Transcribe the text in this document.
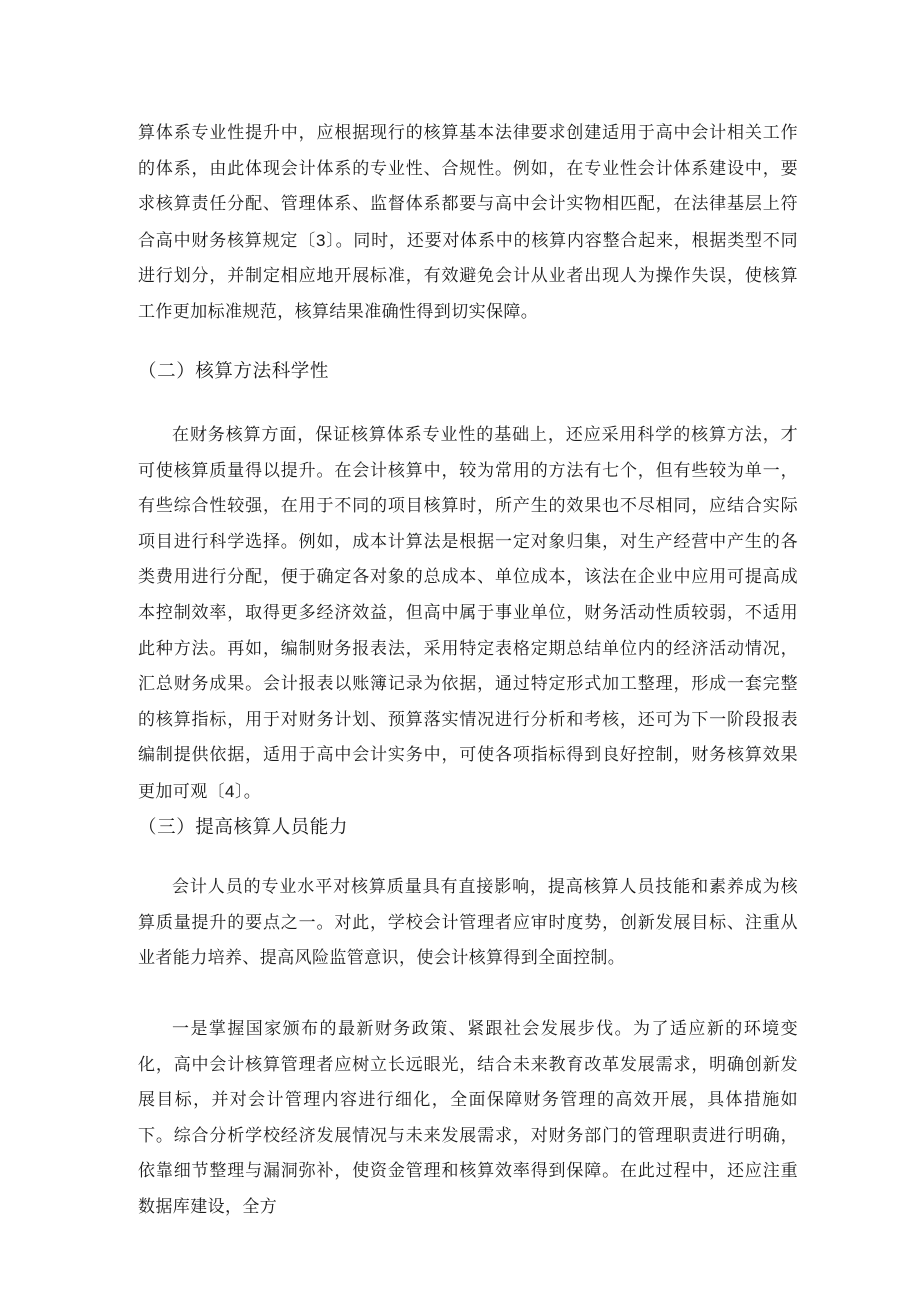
算体系专业性提升中，应根据现行的核算基本法律要求创建适用于高中会计相关工作的体系，由此体现会计体系的专业性、合规性。例如，在专业性会计体系建设中，要求核算责任分配、管理体系、监督体系都要与高中会计实物相匹配，在法律基层上符合高中财务核算规定〔3〕。同时，还要对体系中的核算内容整合起来，根据类型不同进行划分，并制定相应地开展标准，有效避免会计从业者出现人为操作失误，使核算工作更加标准规范，核算结果准确性得到切实保障。

（二）核算方法科学性

在财务核算方面，保证核算体系专业性的基础上，还应采用科学的核算方法，才可使核算质量得以提升。在会计核算中，较为常用的方法有七个，但有些较为单一，有些综合性较强，在用于不同的项目核算时，所产生的效果也不尽相同，应结合实际项目进行科学选择。例如，成本计算法是根据一定对象归集，对生产经营中产生的各类费用进行分配，便于确定各对象的总成本、单位成本，该法在企业中应用可提高成本控制效率，取得更多经济效益，但高中属于事业单位，财务活动性质较弱，不适用此种方法。再如，编制财务报表法，采用特定表格定期总结单位内的经济活动情况，汇总财务成果。会计报表以账簿记录为依据，通过特定形式加工整理，形成一套完整的核算指标，用于对财务计划、预算落实情况进行分析和考核，还可为下一阶段报表编制提供依据，适用于高中会计实务中，可使各项指标得到良好控制，财务核算效果更加可观〔4〕。

（三）提高核算人员能力

会计人员的专业水平对核算质量具有直接影响，提高核算人员技能和素养成为核算质量提升的要点之一。对此，学校会计管理者应审时度势，创新发展目标、注重从业者能力培养、提高风险监管意识，使会计核算得到全面控制。

一是掌握国家颁布的最新财务政策、紧跟社会发展步伐。为了适应新的环境变化，高中会计核算管理者应树立长远眼光，结合未来教育改革发展需求，明确创新发展目标，并对会计管理内容进行细化，全面保障财务管理的高效开展，具体措施如下。综合分析学校经济发展情况与未来发展需求，对财务部门的管理职责进行明确，依靠细节整理与漏洞弥补，使资金管理和核算效率得到保障。在此过程中，还应注重数据库建设，全方
